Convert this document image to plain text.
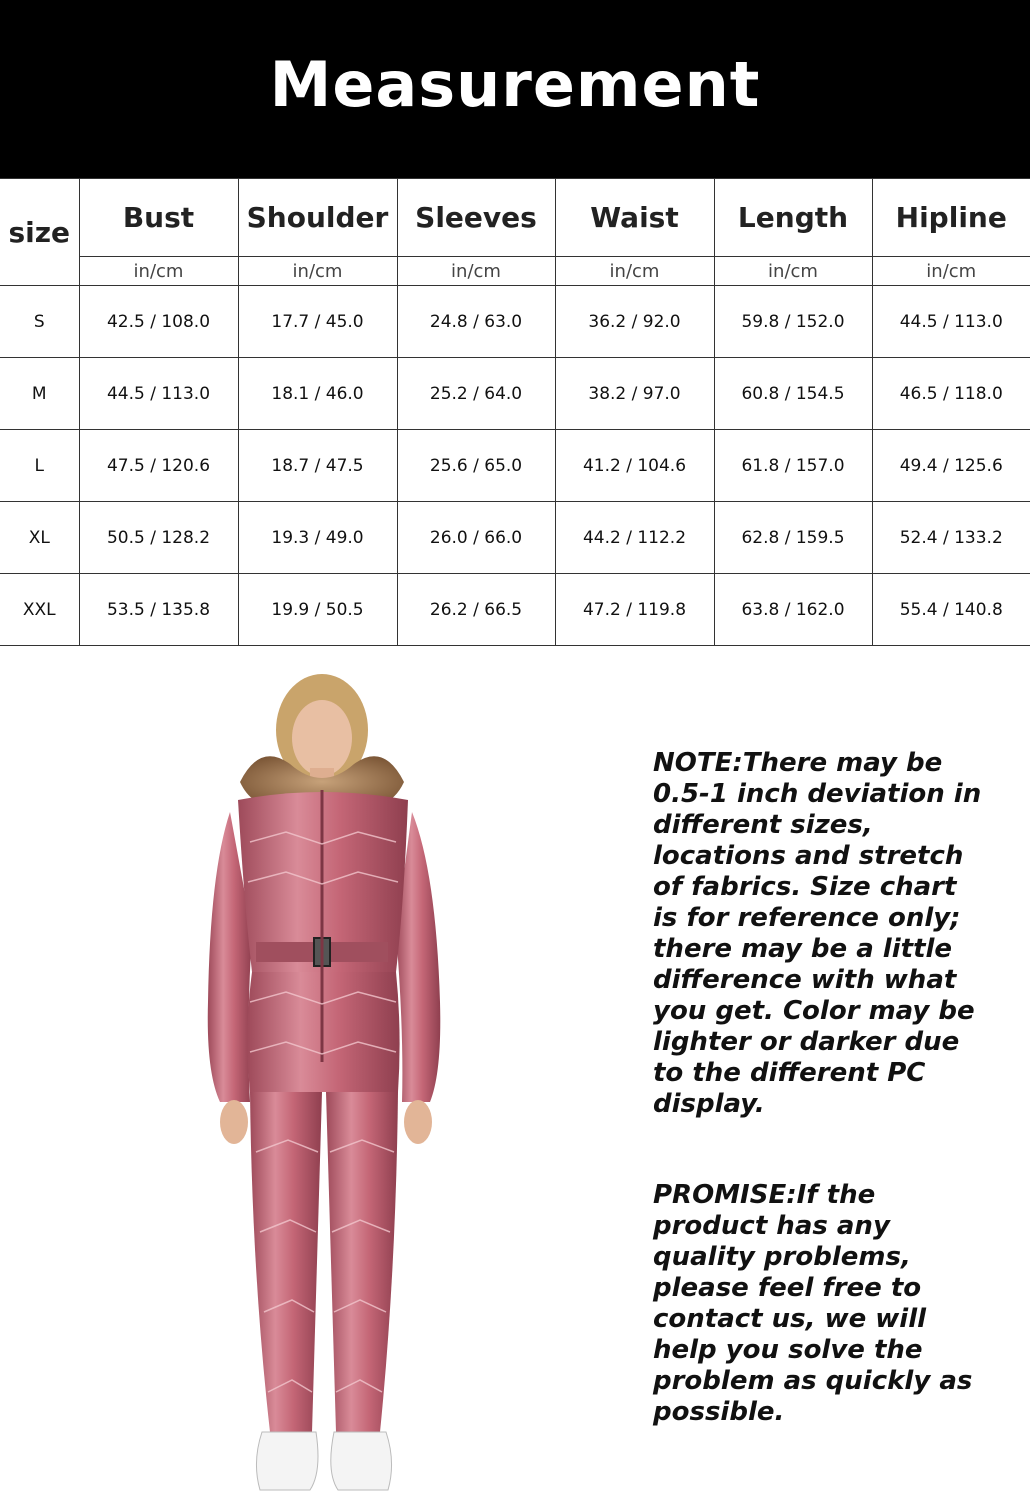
Measurement
size	Bust	Shoulder	Sleeves	Waist	Length	Hipline
	in/cm	in/cm	in/cm	in/cm	in/cm	in/cm
S	42.5 / 108.0	17.7 / 45.0	24.8 / 63.0	36.2 / 92.0	59.8 / 152.0	44.5 / 113.0
M	44.5 / 113.0	18.1 / 46.0	25.2 / 64.0	38.2 / 97.0	60.8 / 154.5	46.5 / 118.0
L	47.5 / 120.6	18.7 / 47.5	25.6 / 65.0	41.2 / 104.6	61.8 / 157.0	49.4 / 125.6
XL	50.5 / 128.2	19.3 / 49.0	26.0 / 66.0	44.2 / 112.2	62.8 / 159.5	52.4 / 133.2
XXL	53.5 / 135.8	19.9 / 50.5	26.2 / 66.5	47.2 / 119.8	63.8 / 162.0	55.4 / 140.8
NOTE:There may be 0.5-1 inch deviation in different sizes, locations and stretch of fabrics. Size chart is for reference only; there may be a little difference with what you get. Color may be lighter or darker due to the different PC display.
PROMISE:If the product has any quality problems, please feel free to contact us, we will help you solve the problem as quickly as possible.
